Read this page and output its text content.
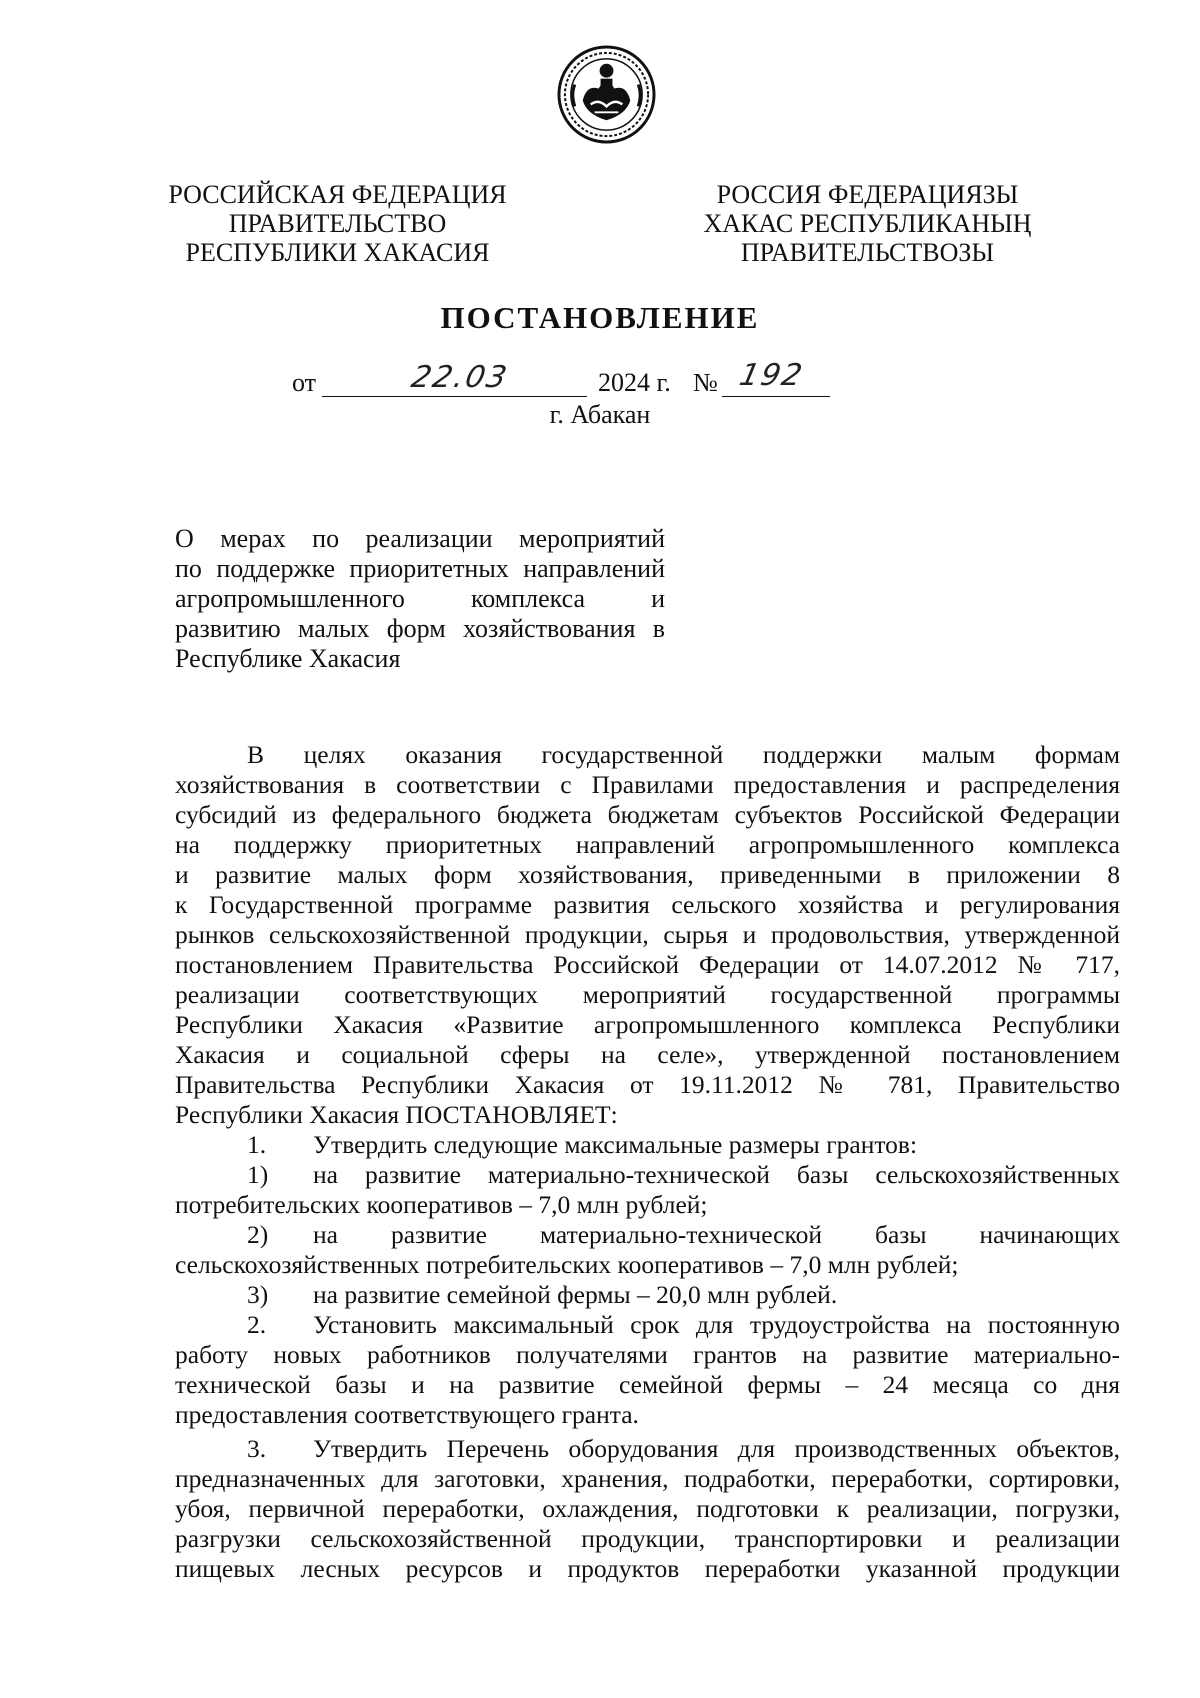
РОССИЙСКАЯ ФЕДЕРАЦИЯ
ПРАВИТЕЛЬСТВО
РЕСПУБЛИКИ ХАКАСИЯ
РОССИЯ ФЕДЕРАЦИЯЗЫ
ХАКАС РЕСПУБЛИКАНЫҢ
ПРАВИТЕЛЬСТВОЗЫ
ПОСТАНОВЛЕНИЕ
от	22.03	2024 г. № 192
г. Абакан
О мерах по реализации мероприятий
по поддержке приоритетных направлений
агропромышленного комплекса и
развитию малых форм хозяйствования в
Республике Хакасия
В целях оказания государственной поддержки малым формам
хозяйствования в соответствии с Правилами предоставления и распределения
субсидий из федерального бюджета бюджетам субъектов Российской Федерации
на поддержку приоритетных направлений агропромышленного комплекса
и развитие малых форм хозяйствования, приведенными в приложении 8
к Государственной программе развития сельского хозяйства и регулирования
рынков сельскохозяйственной продукции, сырья и продовольствия, утвержденной
постановлением Правительства Российской Федерации от 14.07.2012 № 717,
реализации соответствующих мероприятий государственной программы
Республики Хакасия «Развитие агропромышленного комплекса Республики
Хакасия и социальной сферы на селе», утвержденной постановлением
Правительства Республики Хакасия от 19.11.2012 № 781, Правительство
Республики Хакасия ПОСТАНОВЛЯЕТ:
1.	Утвердить следующие максимальные размеры грантов:
1)	на развитие материально-технической базы сельскохозяйственных
потребительских кооперативов – 7,0 млн рублей;
2)	на развитие материально-технической базы начинающих
сельскохозяйственных потребительских кооперативов – 7,0 млн рублей;
3)	на развитие семейной фермы – 20,0 млн рублей.
2.	Установить максимальный срок для трудоустройства на постоянную
работу новых работников получателями грантов на развитие материально-
технической базы и на развитие семейной фермы – 24 месяца со дня
предоставления соответствующего гранта.
3.	Утвердить Перечень оборудования для производственных объектов,
предназначенных для заготовки, хранения, подработки, переработки, сортировки,
убоя, первичной переработки, охлаждения, подготовки к реализации, погрузки,
разгрузки сельскохозяйственной продукции, транспортировки и реализации
пищевых лесных ресурсов и продуктов переработки указанной продукции
